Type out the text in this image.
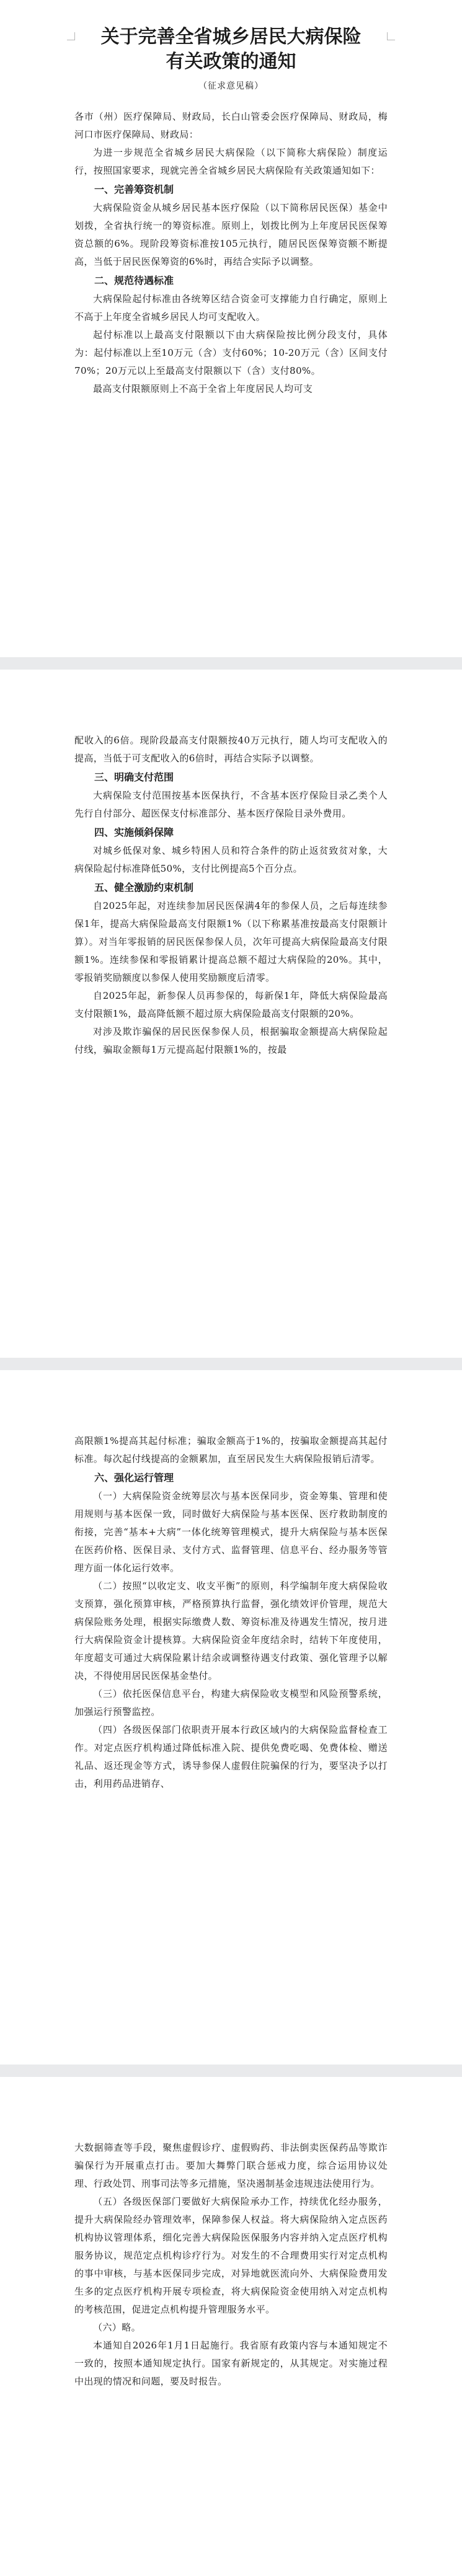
关于完善全省城乡居民大病保险
有关政策的通知

（征求意见稿）

各市（州）医疗保障局、财政局，长白山管委会医疗保障局、财政局，梅河口市医疗保障局、财政局：

为进一步规范全省城乡居民大病保险（以下简称大病保险）制度运行，按照国家要求，现就完善全省城乡居民大病保险有关政策通知如下：

一、完善筹资机制

大病保险资金从城乡居民基本医疗保险（以下简称居民医保）基金中划拨，全省执行统一的筹资标准。原则上，划拨比例为上年度居民医保筹资总额的6%。现阶段筹资标准按105元执行，随居民医保筹资额不断提高，当低于居民医保筹资的6%时，再结合实际予以调整。

二、规范待遇标准

大病保险起付标准由各统筹区结合资金可支撑能力自行确定，原则上不高于上年度全省城乡居民人均可支配收入。

起付标准以上最高支付限额以下由大病保险按比例分段支付，具体为：起付标准以上至10万元（含）支付60%；10-20万元（含）区间支付70%；20万元以上至最高支付限额以下（含）支付80%。

最高支付限额原则上不高于全省上年度居民人均可支

配收入的6倍。现阶段最高支付限额按40万元执行，随人均可支配收入的提高，当低于可支配收入的6倍时，再结合实际予以调整。

三、明确支付范围

大病保险支付范围按基本医保执行，不含基本医疗保险目录乙类个人先行自付部分、超医保支付标准部分、基本医疗保险目录外费用。

四、实施倾斜保障

对城乡低保对象、城乡特困人员和符合条件的防止返贫致贫对象，大病保险起付标准降低50%，支付比例提高5个百分点。

五、健全激励约束机制

自2025年起，对连续参加居民医保满4年的参保人员，之后每连续参保1年，提高大病保险最高支付限额1%（以下称累基准按最高支付限额计算）。对当年零报销的居民医保参保人员，次年可提高大病保险最高支付限额1%。连续参保和零报销累计提高总额不超过大病保险的20%。其中，零报销奖励额度以参保人使用奖励额度后清零。

自2025年起，新参保人员再参保的，每新保1年，降低大病保险最高支付限额1%，最高降低额不超过原大病保险最高支付限额的20%。

对涉及欺诈骗保的居民医保参保人员，根据骗取金额提高大病保险起付线，骗取金额每1万元提高起付限额1%的，按最

高限额1%提高其起付标准；骗取金额高于1%的，按骗取金额提高其起付标准。每次起付线提高的金额累加，直至居民发生大病保险报销后清零。

六、强化运行管理

（一）大病保险资金统筹层次与基本医保同步，资金筹集、管理和使用规则与基本医保一致，同时做好大病保险与基本医保、医疗救助制度的衔接，完善“基本+大病”一体化统筹管理模式，提升大病保险与基本医保在医药价格、医保目录、支付方式、监督管理、信息平台、经办服务等管理方面一体化运行效率。

（二）按照“以收定支、收支平衡”的原则，科学编制年度大病保险收支预算，强化预算审核，严格预算执行监督，强化绩效评价管理，规范大病保险账务处理，根据实际缴费人数、筹资标准及待遇发生情况，按月进行大病保险资金计提核算。大病保险资金年度结余时，结转下年度使用，年度超支可通过大病保险累计结余或调整待遇支付政策、强化管理予以解决，不得使用居民医保基金垫付。

（三）依托医保信息平台，构建大病保险收支模型和风险预警系统，加强运行预警监控。

（四）各级医保部门依职责开展本行政区域内的大病保险监督检查工作。对定点医疗机构通过降低标准入院、提供免费吃喝、免费体检、赠送礼品、返还现金等方式，诱导参保人虚假住院骗保的行为，要坚决予以打击，利用药品进销存、

大数据筛查等手段，聚焦虚假诊疗、虚假购药、非法倒卖医保药品等欺诈骗保行为开展重点打击。要加大舞弊门联合惩戒力度，综合运用协议处理、行政处罚、刑事司法等多元措施，坚决遏制基金违规违法使用行为。

（五）各级医保部门要做好大病保险承办工作，持续优化经办服务，提升大病保险经办管理效率，保障参保人权益。将大病保险纳入定点医药机构协议管理体系，细化完善大病保险医保服务内容并纳入定点医疗机构服务协议，规范定点机构诊疗行为。对发生的不合理费用实行对定点机构的事中审核，与基本医保同步完成，对异地就医流向外、大病保险费用发生多的定点医疗机构开展专项检查，将大病保险资金使用纳入对定点机构的考核范围，促进定点机构提升管理服务水平。

（六）略。

本通知自2026年1月1日起施行。我省原有政策内容与本通知规定不一致的，按照本通知规定执行。国家有新规定的，从其规定。对实施过程中出现的情况和问题，要及时报告。
